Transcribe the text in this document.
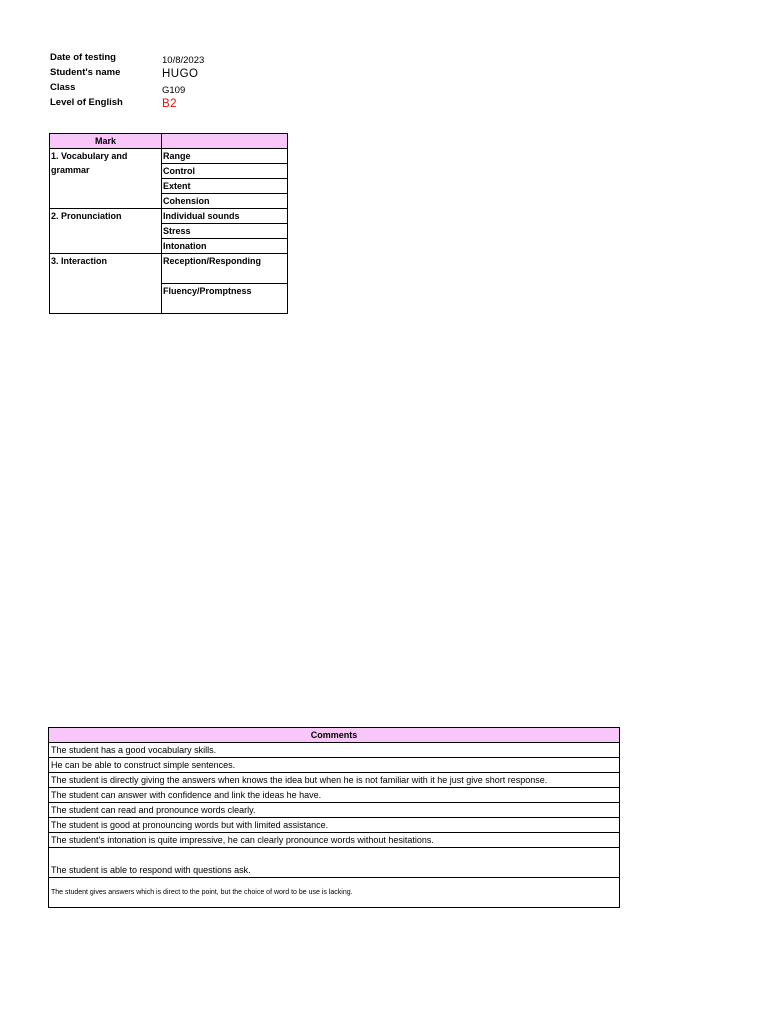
Date of testing	10/8/2023
Student's name	HUGO
Class	G109
Level of English	B2
Mark	
1. Vocabulary and grammar	Range
	Control
	Extent
	Cohension
2. Pronunciation	Individual sounds
	Stress
	Intonation
3. Interaction	Reception/Responding
	Fluency/Promptness
Comments
The student has a good vocabulary skills.
He can be able to construct simple sentences.
The student is directly giving the answers when knows the idea but when he is not familiar with it he just give short response.
The student can answer with confidence and link the ideas he have.
The student can read and pronounce words clearly.
The student is good at pronouncing words but with limited assistance.
The student's intonation is quite impressive, he can clearly pronounce words without hesitations.
The student is able to respond with questions ask.
The student gives answers which is direct to the point, but the choice of word to be use is lacking.
